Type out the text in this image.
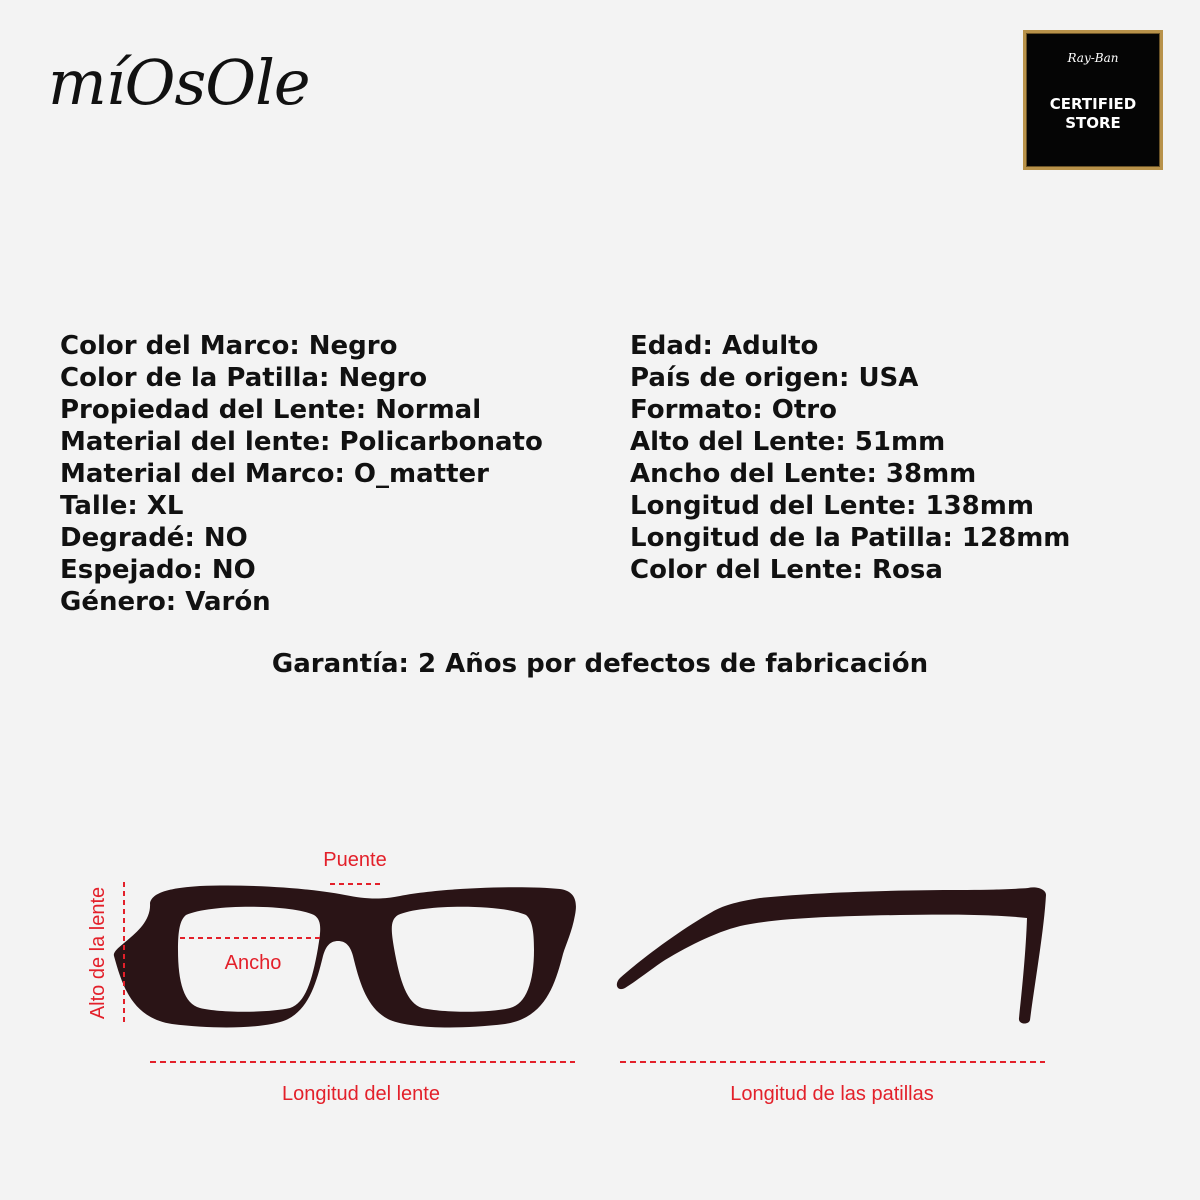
míOsOle	Ray-Ban
CERTIFIED
STORE
Color del Marco: Negro
Color de la Patilla: Negro
Propiedad del Lente: Normal
Material del lente: Policarbonato
Material del Marco: O_matter
Talle: XL
Degradé: NO
Espejado: NO
Género: Varón
Edad: Adulto
País de origen: USA
Formato: Otro
Alto del Lente: 51mm
Ancho del Lente: 38mm
Longitud del Lente: 138mm
Longitud de la Patilla: 128mm
Color del Lente: Rosa
Garantía: 2 Años por defectos de fabricación
Puente
Ancho
Alto de la lente
Longitud del lente	Longitud de las patillas
